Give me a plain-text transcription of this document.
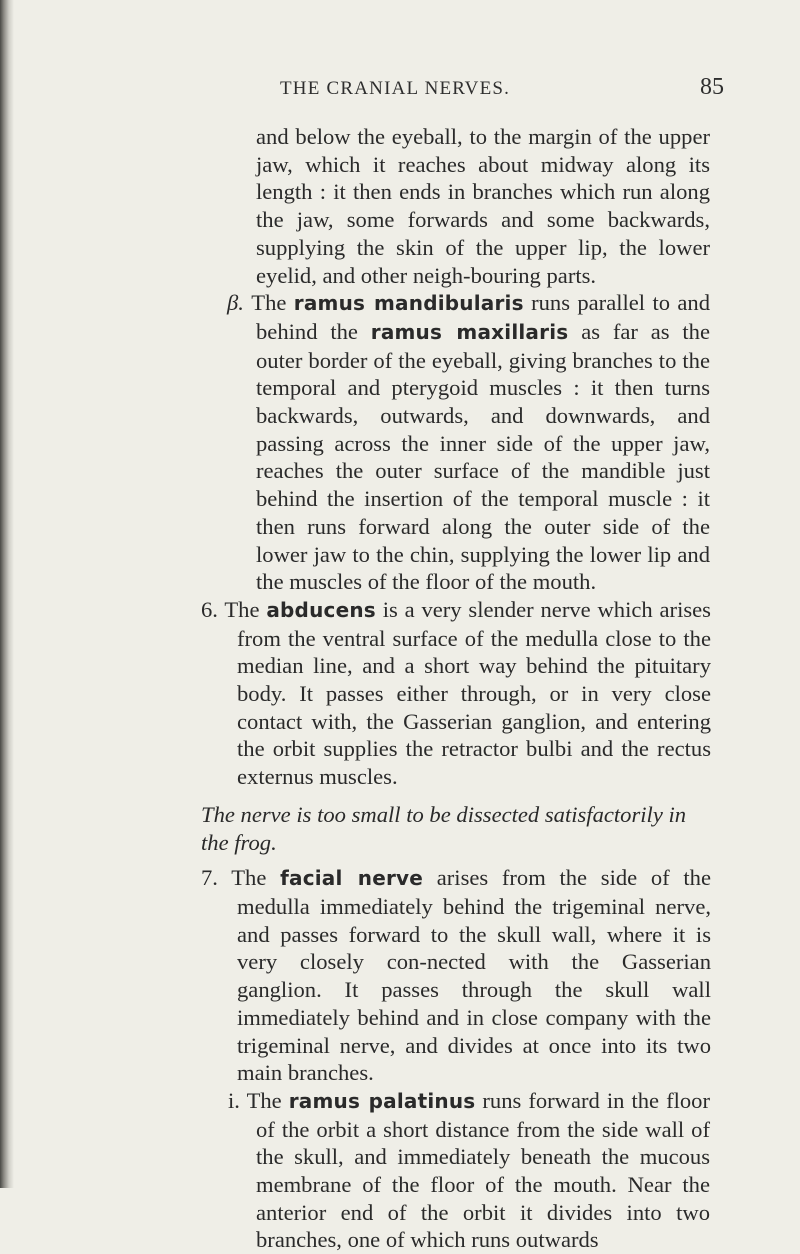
THE CRANIAL NERVES.	85

and below the eyeball, to the margin of the upper jaw, which it reaches about midway along its length : it then ends in branches which run along the jaw, some forwards and some backwards, supplying the skin of the upper lip, the lower eyelid, and other neigh-bouring parts.

β. The ramus mandibularis runs parallel to and behind the ramus maxillaris as far as the outer border of the eyeball, giving branches to the temporal and pterygoid muscles : it then turns backwards, outwards, and downwards, and passing across the inner side of the upper jaw, reaches the outer surface of the mandible just behind the insertion of the temporal muscle : it then runs forward along the outer side of the lower jaw to the chin, supplying the lower lip and the muscles of the floor of the mouth.

6. The abducens is a very slender nerve which arises from the ventral surface of the medulla close to the median line, and a short way behind the pituitary body. It passes either through, or in very close contact with, the Gasserian ganglion, and entering the orbit supplies the retractor bulbi and the rectus externus muscles.

The nerve is too small to be dissected satisfactorily in the frog.

7. The facial nerve arises from the side of the medulla immediately behind the trigeminal nerve, and passes forward to the skull wall, where it is very closely con-nected with the Gasserian ganglion. It passes through the skull wall immediately behind and in close company with the trigeminal nerve, and divides at once into its two main branches.

i. The ramus palatinus runs forward in the floor of the orbit a short distance from the side wall of the skull, and immediately beneath the mucous membrane of the floor of the mouth. Near the anterior end of the orbit it divides into two branches, one of which runs outwards
